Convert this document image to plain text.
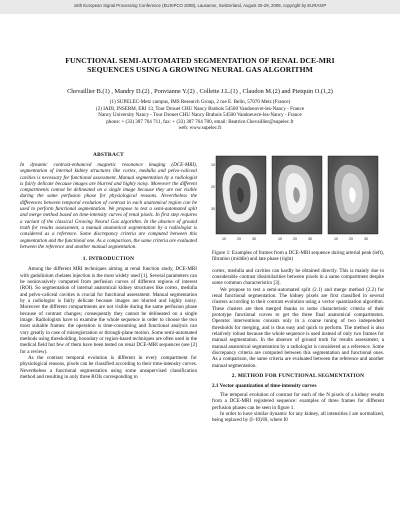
16th European Signal Processing Conference (EUSIPCO 2008), Lausanne, Switzerland, August 25-29, 2008, copyright by EURASIP
FUNCTIONAL SEMI-AUTOMATED SEGMENTATION OF RENAL DCE-MRI
SEQUENCES USING A GROWING NEURAL GAS ALGORITHM
Chevaillier B.(1) , Mandry D.(2) , Ponvianne Y.(2) , Collette J.L.(1) , Claudon M.(2) and Pietquin O.(1,2)
(1) SUPELEC-Metz campus, IMS Research Group, 2 rue E. Belin, 57070 Metz (France)
(2) IADI, INSERM, ERI 13, Tour Drouet CHU Nancy Brabois 54500 Vandoeuvre-les-Nancy - France
Nancy University Nancy - Tour Drouet CHU Nancy Brabois 54500 Vandoeuvre-les-Nancy - France
phone: + (33) 387 764 711, fax: + (33) 387 764 700, email: Beatrice.Chevaillier@supelec.fr
web: www.supelec.fr
ABSTRACT

In dynamic contrast-enhanced magnetic resonance imaging (DCE-MRI), segmentation of internal kidney structures like cortex, medulla and pelvo-caliceal cavities is necessary for functional assessment. Manual segmentation by a radiologist is fairly delicate because images are blurred and highly noisy. Moreover the different compartments cannot be delineated on a single image because they are not visible during the same perfusion phase for physiological reasons. Nevertheless the differences between temporal evolution of contrast in each anatomical region can be used to perform functional segmentation. We propose to test a semi-automated split and merge method based on time-intensity curves of renal pixels. In first step requires a variant of the classical Growing Neural Gas algorithm. In the absence of ground truth for results assessment, a manual anatomical segmentation by a radiologist is considered as a reference. Some discrepancy criteria are computed between this segmentation and the functional one. As a comparison, the same criteria are evaluated between the reference and another manual segmentation.

1. INTRODUCTION

Among the different MRI techniques aiming at renal function study, DCE-MRI with gadolinium chelates injection is the most widely used [1]. Several parameters can be noninvasively computed from perfusion curves of different regions of interest (ROI). So segmentation of internal anatomical kidney structures like cortex, medulla and pelvo-caliceal cavities is crucial for functional assessment. Manual segmentation by a radiologist is fairly delicate because images are blurred and highly noisy. Moreover the different compartments are not visible during the same perfusion phase because of contrast changes; consequently they cannot be delineated on a single image. Radiologists have to examine the whole sequence in order to choose the two most suitable frames: the operation is time-consuming and functional analysis can vary greatly in case of misregistration or through-plane motion. Some semi-automated methods using thresholding, boundary or region-based techniques are often used in the medical field but few of them have been tested on renal DCE-MRI sequences (see [2] for a review).

As the contrast temporal evolution is different in every compartment for physiological reasons, pixels can be classified according to their time-intensity curves. Nevertheless a functional segmentation using some unsupervised classification method and resulting in only three ROIs corresponding to

10
10
20
20
30
30
10	20	30	10	20	30

Figure 1: Examples of frames from a DCE-MRI sequence during arterial peak (left), filtration (middle) and late phase (right)

cortex, medulla and cavities can hardly be obtained directly. This is mainly due to considerable contrast dissimilarities between pixels in a same compartment despite some common characteristics [3].

We propose to test a semi-automated split (2.1) and merge method (2.2) for renal functional segmentation. The kidney pixels are first classified in several clusters according to their contrast evolution using a vector quantization algorithm. These clusters are then merged thanks to some characteristic criteria of their prototype functional curves to get the three final anatomical compartments. Operator interventions consists only in a coarse tuning of two independent thresholds for merging, and is thus easy and quick to perform. The method is also relatively robust because the whole sequence is used instead of only two frames for manual segmentation. In the absence of ground truth for results assessment, a manual anatomical segmentation by a radiologist is considered as a reference. Some discrepancy criteria are computed between this segmentation and functional ones. As a comparison, the same criteria are evaluated between the reference and another manual segmentation.

2. METHOD FOR FUNCTIONAL SEGMENTATION
2.1 Vector quantization of time-intensity curves

The temporal evolution of contrast for each of the N pixels of a kidney results from a DCE-MRI registered sequence: examples of three frames for different perfusion phases can be seen in figure 1.

In order to have similar dynamic for any kidney, all intensities I are normalized, being replaced by (I−I0)/I0, where I0
